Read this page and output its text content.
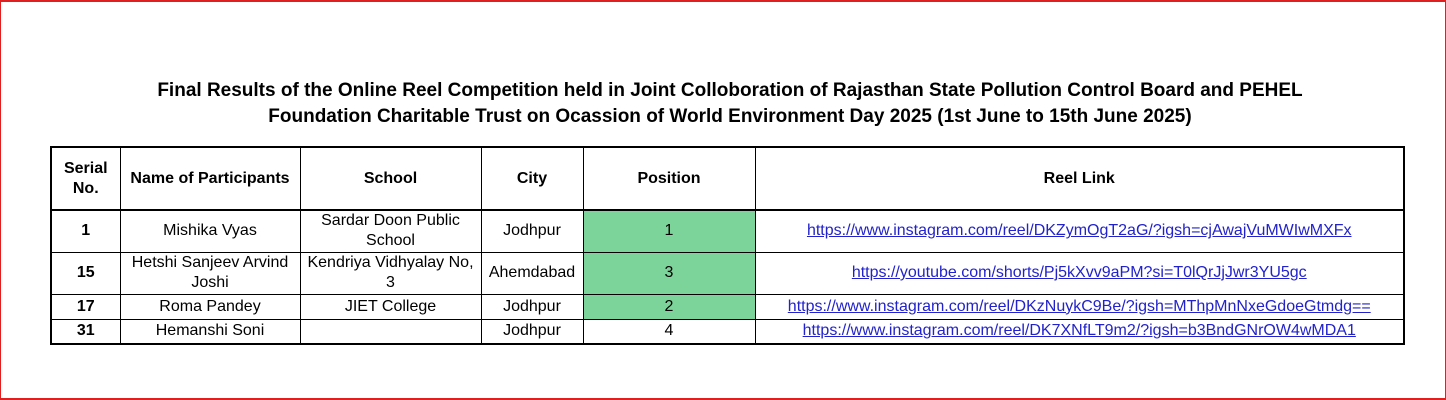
Final Results of the Online Reel Competition held in Joint Colloboration of Rajasthan State Pollution Control Board and PEHEL
Foundation Charitable Trust on Ocassion of World Environment Day 2025 (1st June to 15th June 2025)
Serial
No.	Name of Participants	School	City	Position	Reel Link
1	Mishika Vyas	Sardar Doon Public School	Jodhpur	1	https://www.instagram.com/reel/DKZymOgT2aG/?igsh=cjAwajVuMWIwMXFx
15	Hetshi Sanjeev Arvind Joshi	Kendriya Vidhyalay No, 3	Ahemdabad	3	https://youtube.com/shorts/Pj5kXvv9aPM?si=T0lQrJjJwr3YU5gc
17	Roma Pandey	JIET College	Jodhpur	2	https://www.instagram.com/reel/DKzNuykC9Be/?igsh=MThpMnNxeGdoeGtmdg==
31	Hemanshi Soni		Jodhpur	4	https://www.instagram.com/reel/DK7XNfLT9m2/?igsh=b3BndGNrOW4wMDA1
